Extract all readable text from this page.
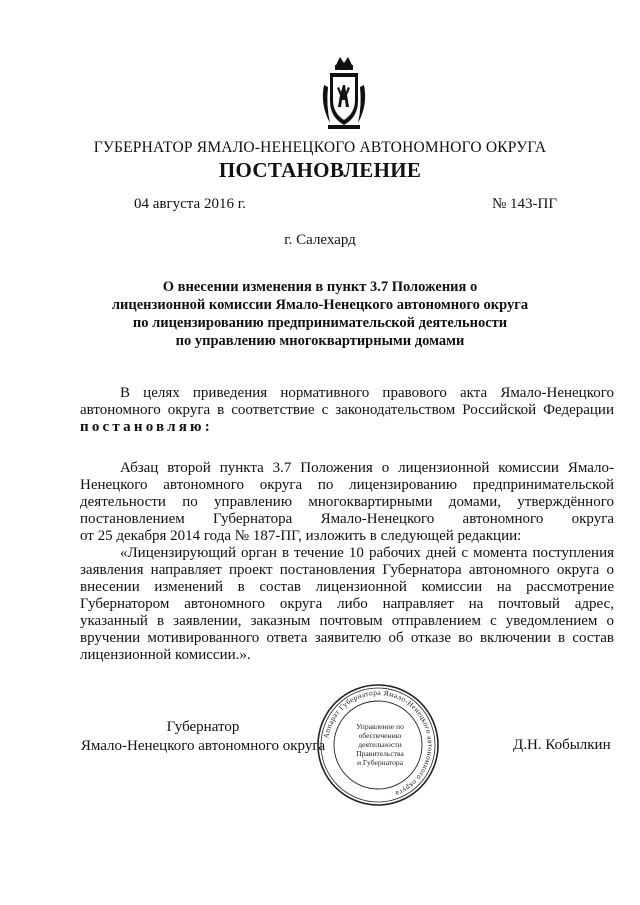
ГУБЕРНАТОР ЯМАЛО-НЕНЕЦКОГО АВТОНОМНОГО ОКРУГА
ПОСТАНОВЛЕНИЕ
04 августа 2016 г.	№ 143-ПГ
г. Салехард
О внесении изменения в пункт 3.7 Положения о
лицензионной комиссии Ямало-Ненецкого автономного округа
по лицензированию предпринимательской деятельности
по управлению многоквартирными домами
В целях приведения нормативного правового акта Ямало-Ненецкого
автономного округа в соответствие с законодательством Российской Федерации
постановляю:
Абзац второй пункта 3.7 Положения о лицензионной комиссии Ямало-
Ненецкого автономного округа по лицензированию предпринимательской
деятельности по управлению многоквартирными домами, утверждённого
постановлением Губернатора Ямало-Ненецкого автономного округа
от 25 декабря 2014 года № 187-ПГ, изложить в следующей редакции:
«Лицензирующий орган в течение 10 рабочих дней с момента поступления
заявления направляет проект постановления Губернатора автономного округа о
внесении изменений в состав лицензионной комиссии на рассмотрение
Губернатором автономного округа либо направляет на почтовый адрес,
указанный в заявлении, заказным почтовым отправлением с уведомлением о
вручении мотивированного ответа заявителю об отказе во включении в состав
лицензионной комиссии.».
Губернатор
Ямало-Ненецкого автономного округа	Д.Н. Кобылкин
Аппарат Губернатора Ямало-Ненецкого автономного округа
Управление по обеспечению деятельности Правительства и Губернатора
